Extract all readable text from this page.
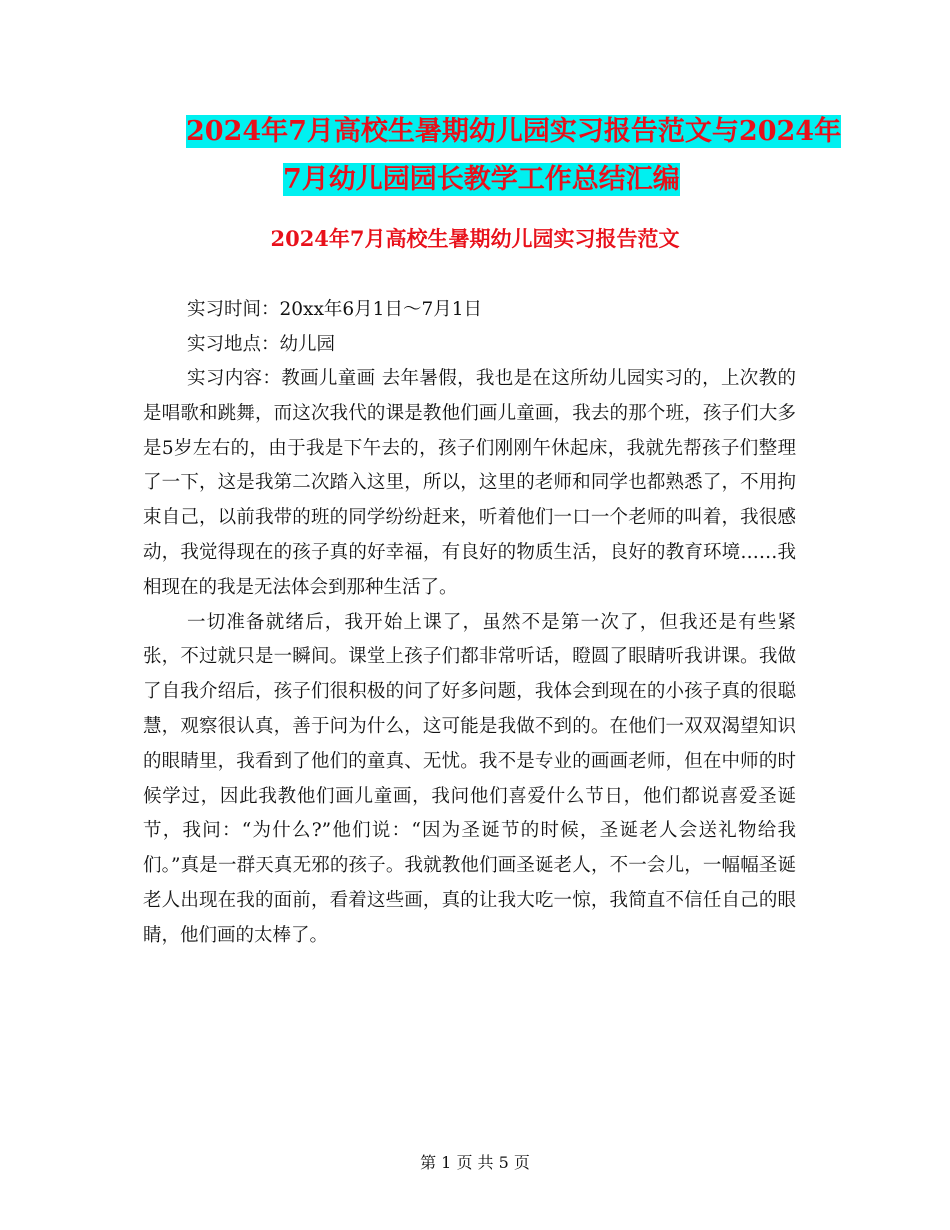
2024年7月高校生暑期幼儿园实习报告范文与2024年
7月幼儿园园长教学工作总结汇编
2024年7月高校生暑期幼儿园实习报告范文

实习时间：20xx年6月1日～7月1日

实习地点：幼儿园

实习内容：教画儿童画 去年暑假，我也是在这所幼儿园实习的，上次教的是唱歌和跳舞，而这次我代的课是教他们画儿童画，我去的那个班，孩子们大多是5岁左右的，由于我是下午去的，孩子们刚刚午休起床，我就先帮孩子们整理了一下，这是我第二次踏入这里，所以，这里的老师和同学也都熟悉了，不用拘束自己，以前我带的班的同学纷纷赶来，听着他们一口一个老师的叫着，我很感动，我觉得现在的孩子真的好幸福，有良好的物质生活，良好的教育环境……我相现在的我是无法体会到那种生活了。

一切准备就绪后，我开始上课了，虽然不是第一次了，但我还是有些紧张，不过就只是一瞬间。课堂上孩子们都非常听话，瞪圆了眼睛听我讲课。我做了自我介绍后，孩子们很积极的问了好多问题，我体会到现在的小孩子真的很聪慧，观察很认真，善于问为什么，这可能是我做不到的。在他们一双双渴望知识的眼睛里，我看到了他们的童真、无忧。我不是专业的画画老师，但在中师的时候学过，因此我教他们画儿童画，我问他们喜爱什么节日，他们都说喜爱圣诞节，我问：“为什么?”他们说：“因为圣诞节的时候，圣诞老人会送礼物给我们。”真是一群天真无邪的孩子。我就教他们画圣诞老人，不一会儿，一幅幅圣诞老人出现在我的面前，看着这些画，真的让我大吃一惊，我简直不信任自己的眼睛，他们画的太棒了。

第 1 页 共 5 页
